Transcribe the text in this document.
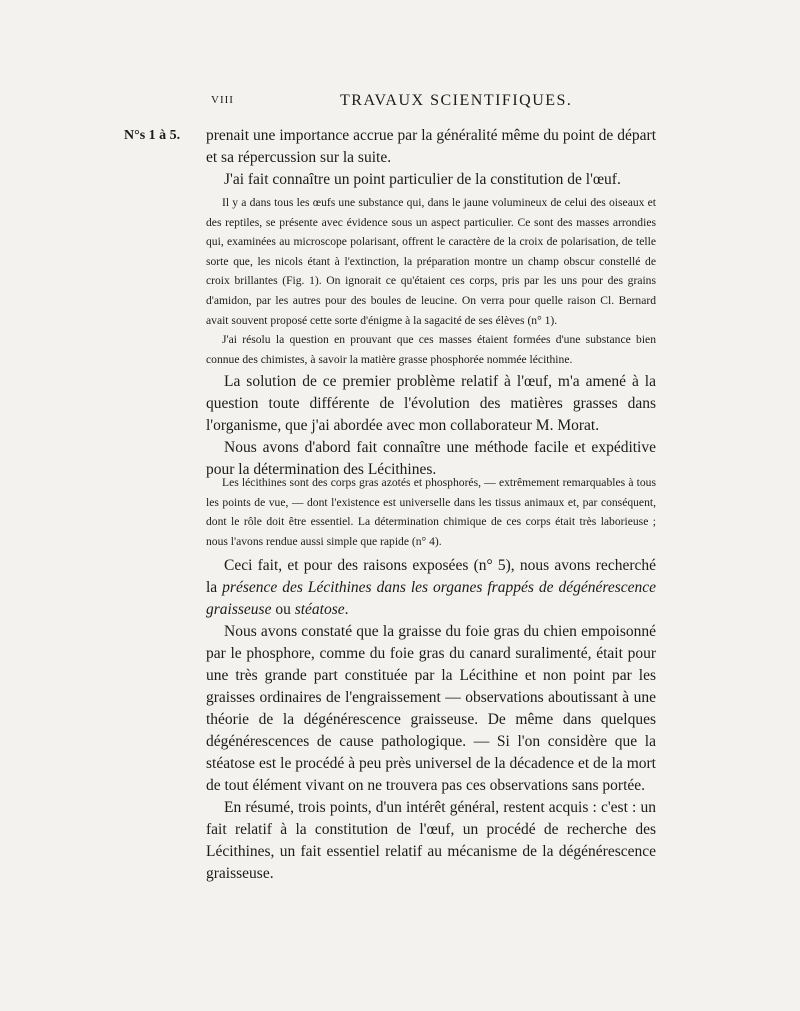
VIII	TRAVAUX SCIENTIFIQUES.
N°s 1 à 5. prenait une importance accrue par la généralité même du point de départ et sa répercussion sur la suite.

J'ai fait connaître un point particulier de la constitution de l'œuf.

Il y a dans tous les œufs une substance qui, dans le jaune volumineux de celui des oiseaux et des reptiles, se présente avec évidence sous un aspect particulier. Ce sont des masses arrondies qui, examinées au microscope polarisant, offrent le caractère de la croix de polarisation, de telle sorte que, les nicols étant à l'extinction, la préparation montre un champ obscur constellé de croix brillantes (Fig. 1). On ignorait ce qu'étaient ces corps, pris par les uns pour des grains d'amidon, par les autres pour des boules de leucine. On verra pour quelle raison Cl. Bernard avait souvent proposé cette sorte d'énigme à la sagacité de ses élèves (n° 1).

J'ai résolu la question en prouvant que ces masses étaient formées d'une substance bien connue des chimistes, à savoir la matière grasse phosphorée nommée lécithine.

La solution de ce premier problème relatif à l'œuf, m'a amené à la question toute différente de l'évolution des matières grasses dans l'organisme, que j'ai abordée avec mon collaborateur M. Morat.

Nous avons d'abord fait connaître une méthode facile et expéditive pour la détermination des Lécithines.

Les lécithines sont des corps gras azotés et phosphorés, — extrêmement remarquables à tous les points de vue, — dont l'existence est universelle dans les tissus animaux et, par conséquent, dont le rôle doit être essentiel. La détermination chimique de ces corps était très laborieuse ; nous l'avons rendue aussi simple que rapide (n° 4).

Ceci fait, et pour des raisons exposées (n° 5), nous avons recherché la présence des Lécithines dans les organes frappés de dégénérescence graisseuse ou stéatose.

Nous avons constaté que la graisse du foie gras du chien empoisonné par le phosphore, comme du foie gras du canard suralimenté, était pour une très grande part constituée par la Lécithine et non point par les graisses ordinaires de l'engraissement — observations aboutissant à une théorie de la dégénérescence graisseuse. De même dans quelques dégénérescences de cause pathologique. — Si l'on considère que la stéatose est le procédé à peu près universel de la décadence et de la mort de tout élément vivant on ne trouvera pas ces observations sans portée.

En résumé, trois points, d'un intérêt général, restent acquis : c'est : un fait relatif à la constitution de l'œuf, un procédé de recherche des Lécithines, un fait essentiel relatif au mécanisme de la dégénérescence graisseuse.
